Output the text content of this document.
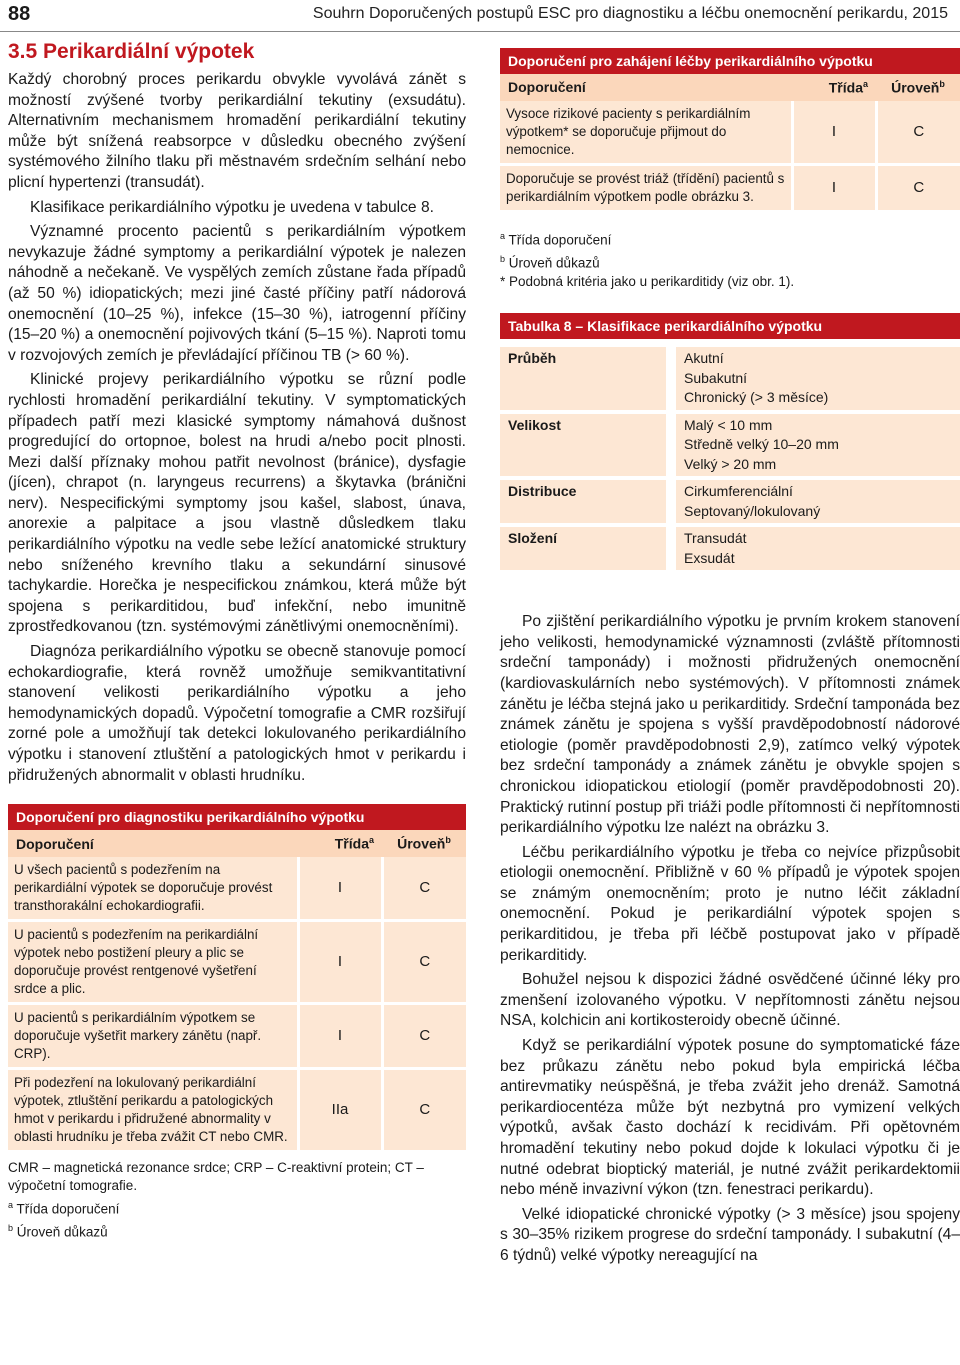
88	Souhrn Doporučených postupů ESC pro diagnostiku a léčbu onemocnění perikardu, 2015
3.5 Perikardiální výpotek

Každý chorobný proces perikardu obvykle vyvolává zánět s možností zvýšené tvorby perikardiální tekutiny (exsudátu). Alternativním mechanismem hromadění perikardiální tekutiny může být snížená reabsorpce v důsledku obecného zvýšení systémového žilního tlaku při městnavém srdečním selhání nebo plicní hypertenzi (transudát).

Klasifikace perikardiálního výpotku je uvedena v tabulce 8.

Významné procento pacientů s perikardiálním výpotkem nevykazuje žádné symptomy a perikardiální výpotek je nalezen náhodně a nečekaně. Ve vyspělých zemích zůstane řada případů (až 50 %) idiopatických; mezi jiné časté příčiny patří nádorová onemocnění (10–25 %), infekce (15–30 %), iatrogenní příčiny (15–20 %) a onemocnění pojivových tkání (5–15 %). Naproti tomu v rozvojových zemích je převládající příčinou TB (> 60 %).

Klinické projevy perikardiálního výpotku se různí podle rychlosti hromadění perikardiální tekutiny. V symptomatických případech patří mezi klasické symptomy námahová dušnost progredující do ortopnoe, bolest na hrudi a/nebo pocit plnosti. Mezi další příznaky mohou patřit nevolnost (bránice), dysfagie (jícen), chrapot (n. laryngeus recurrens) a škytavka (bránični nerv). Nespecifickými symptomy jsou kašel, slabost, únava, anorexie a palpitace a jsou vlastně důsledkem tlaku perikardiálního výpotku na vedle sebe ležící anatomické struktury nebo sníženého krevního tlaku a sekundární sinusové tachykardie. Horečka je nespecifickou známkou, která může být spojena s perikarditidou, buď infekční, nebo imunitně zprostředkovanou (tzn. systémovými zánětlivými onemocněními).

Diagnóza perikardiálního výpotku se obecně stanovuje pomocí echokardiografie, která rovněž umožňuje semikvantitativní stanovení velikosti perikardiálního výpotku a jeho hemodynamických dopadů. Výpočetní tomografie a CMR rozšiřují zorné pole a umožňují tak detekci lokulovaného perikardiálního výpotku i stanovení ztluštění a patologických hmot v perikardu i přidružených abnormalit v oblasti hrudníku.

Doporučení pro diagnostiku perikardiálního výpotku
Doporučení	Třída$^a$	Úroveň$^b$
U všech pacientů s podezřením na perikardiální výpotek se doporučuje provést transthorakální echokardiografii.	I	C
U pacientů s podezřením na perikardiální výpotek nebo postižení pleury a plic se doporučuje provést rentgenové vyšetření srdce a plic.	I	C
U pacientů s perikardiálním výpotkem se doporučuje vyšetřit markery zánětu (např. CRP).	I	C
Při podezření na lokulovaný perikardiální výpotek, ztluštění perikardu a patologických hmot v perikardu i přidružené abnormality v oblasti hrudníku je třeba zvážit CT nebo CMR.	IIa	C
CMR – magnetická rezonance srdce; CRP – C-reaktivní protein; CT – výpočetní tomografie.
$^a$ Třída doporučení
$^b$ Úroveň důkazů
Doporučení pro zahájení léčby perikardiálního výpotku
Doporučení	Třída$^a$	Úroveň$^b$
Vysoce rizikové pacienty s perikardiálním výpotkem* se doporučuje přijmout do nemocnice.	I	C
Doporučuje se provést triáž (třídění) pacientů s perikardiálním výpotkem podle obrázku 3.	I	C
$^a$ Třída doporučení
$^b$ Úroveň důkazů
* Podobná kritéria jako u perikarditidy (viz obr. 1).
Tabulka 8 – Klasifikace perikardiálního výpotku
Průběh	Akutní
Subakutní
Chronický (> 3 měsíce)

Velikost	Malý < 10 mm
Středně velký 10–20 mm
Velký > 20 mm

Distribuce	Cirkumferenciální
Septovaný/lokulovaný

Složení	Transudát
Exsudát

Po zjištění perikardiálního výpotku je prvním krokem stanovení jeho velikosti, hemodynamické významnosti (zvláště přítomnosti srdeční tamponády) i možnosti přidružených onemocnění (kardiovaskulárních nebo systémových). V přítomnosti známek zánětu je léčba stejná jako u perikarditidy. Srdeční tamponáda bez známek zánětu je spojena s vyšší pravděpodobností nádorové etiologie (poměr pravděpodobnosti 2,9), zatímco velký výpotek bez srdeční tamponády a známek zánětu je obvykle spojen s chronickou idiopatickou etiologií (poměr pravděpodobnosti 20). Praktický rutinní postup při triáži podle přítomnosti či nepřítomnosti perikardiálního výpotku lze nalézt na obrázku 3.

Léčbu perikardiálního výpotku je třeba co nejvíce přizpůsobit etiologii onemocnění. Přibližně v 60 % případů je výpotek spojen se známým onemocněním; proto je nutno léčit základní onemocnění. Pokud je perikardiální výpotek spojen s perikarditidou, je třeba při léčbě postupovat jako v případě perikarditidy.

Bohužel nejsou k dispozici žádné osvědčené účinné léky pro zmenšení izolovaného výpotku. V nepřítomnosti zánětu nejsou NSA, kolchicin ani kortikosteroidy obecně účinné.

Když se perikardiální výpotek posune do symptomatické fáze bez průkazu zánětu nebo pokud byla empirická léčba antirevmatiky neúspěšná, je třeba zvážit jeho drenáž. Samotná perikardiocentéza může být nezbytná pro vymizení velkých výpotků, avšak často dochází k recidivám. Při opětovném hromadění tekutiny nebo pokud dojde k lokulaci výpotku či je nutné odebrat bioptický materiál, je nutné zvážit perikardektomii nebo méně invazivní výkon (tzn. fenestraci perikardu).

Velké idiopatické chronické výpotky (> 3 měsíce) jsou spojeny s 30–35% rizikem progrese do srdeční tamponády. I subakutní (4–6 týdnů) velké výpotky nereagující na
